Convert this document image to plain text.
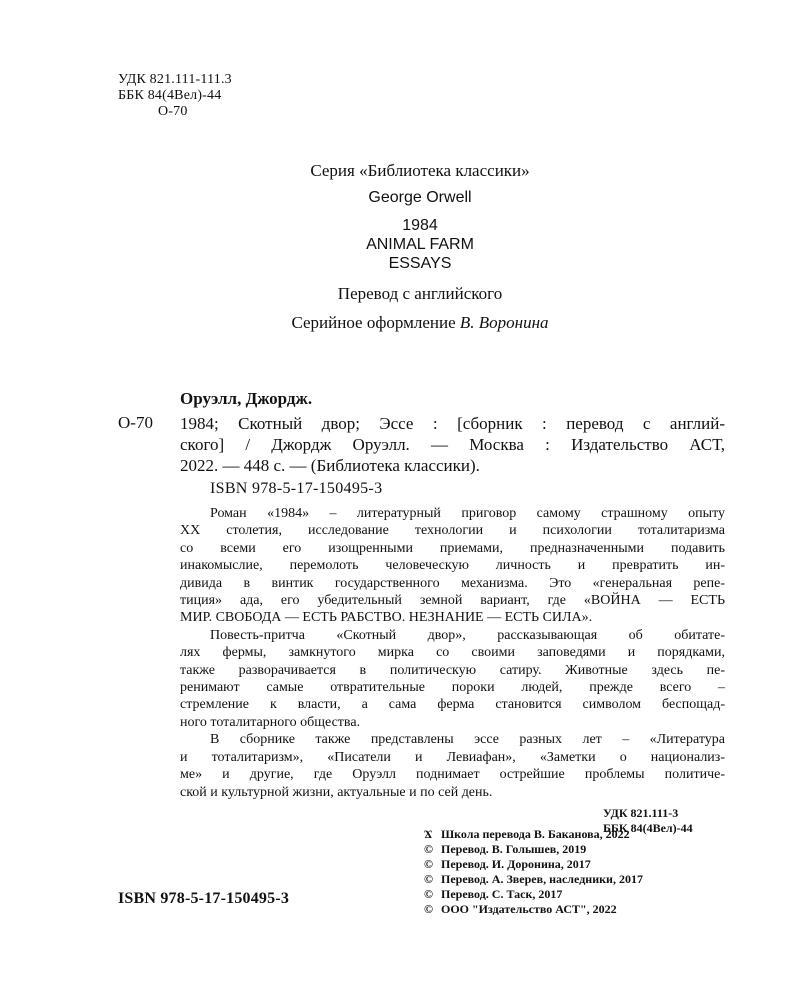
УДК 821.111-111.3
ББК 84(4Вел)-44
О-70
Серия «Библиотека классики»
George Orwell
1984
ANIMAL FARM
ESSAYS
Перевод с английского
Серийное оформление В. Воронина
Оруэлл, Джордж.
О-70 1984; Скотный двор; Эссе : [сборник : перевод с англий-
ского] / Джордж Оруэлл. — Москва : Издательство АСТ,
2022. — 448 с. — (Библиотека классики).
ISBN 978-5-17-150495-3

Роман «1984» – литературный приговор самому страшному опыту
XX столетия, исследование технологии и психологии тоталитаризма
со всеми его изощренными приемами, предназначенными подавить
инакомыслие, перемолоть человеческую личность и превратить ин-
дивида в винтик государственного механизма. Это «генеральная репе-
тиция» ада, его убедительный земной вариант, где «ВОЙНА — ЕСТЬ
МИР. СВОБОДА — ЕСТЬ РАБСТВО. НЕЗНАНИЕ — ЕСТЬ СИЛА».

Повесть-притча «Скотный двор», рассказывающая об обитате-
лях фермы, замкнутого мирка со своими заповедями и порядками,
также разворачивается в политическую сатиру. Животные здесь пе-
ренимают самые отвратительные пороки людей, прежде всего –
стремление к власти, а сама ферма становится символом беспощад-
ного тоталитарного общества.

В сборнике также представлены эссе разных лет – «Литература
и тоталитаризм», «Писатели и Левиафан», «Заметки о национализ-
ме» и другие, где Оруэлл поднимает острейшие проблемы политиче-
ской и культурной жизни, актуальные и по сей день.

УДК 821.111-3
ББК 84(4Вел)-44
ISBN 978-5-17-150495-3
Ϫ Школа перевода В. Баканова, 2022
© Перевод. В. Голышев, 2019
© Перевод. И. Доронина, 2017
© Перевод. А. Зверев, наследники, 2017
© Перевод. С. Таск, 2017
© ООО "Издательство АСТ", 2022
